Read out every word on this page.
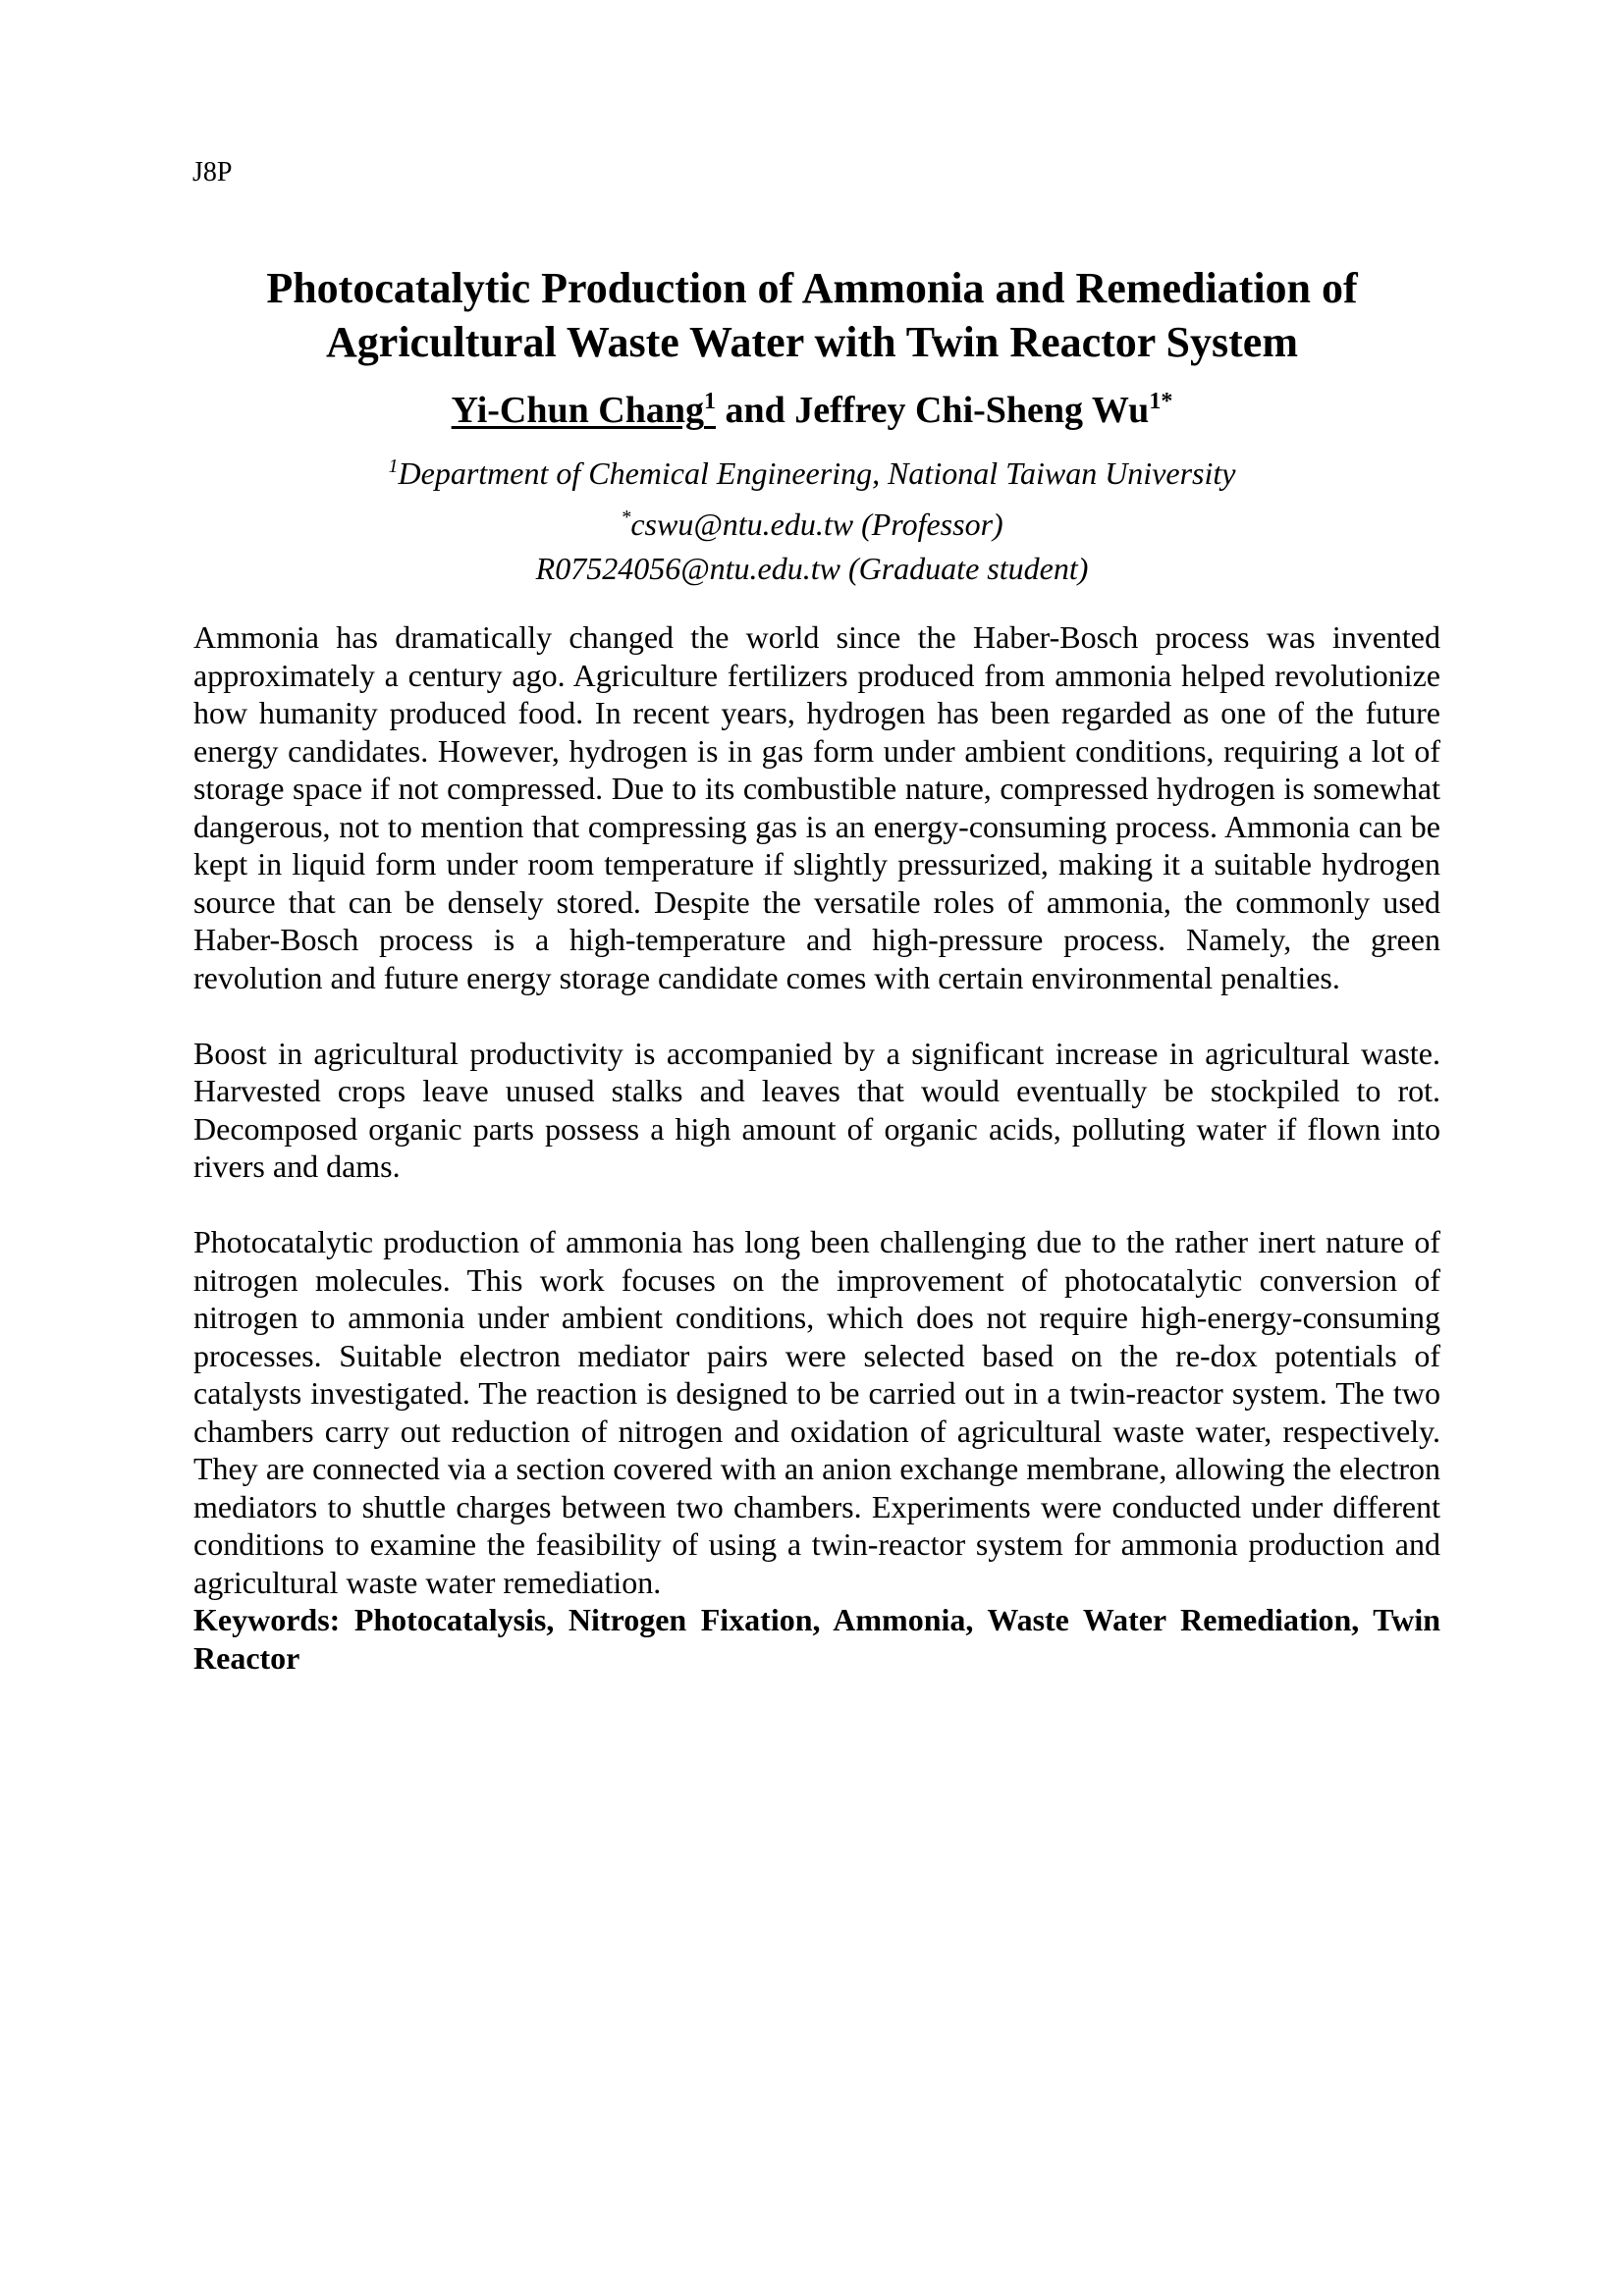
J8P
Photocatalytic Production of Ammonia and Remediation of
Agricultural Waste Water with Twin Reactor System
Yi-Chun Chang$^1$ and Jeffrey Chi-Sheng $Wu^{1*}$
$^1$Department of Chemical Engineering, National Taiwan University
*cswu@ntu.edu.tw (Professor)
R07524056@ntu.edu.tw (Graduate student)

Ammonia has dramatically changed the world since the Haber-Bosch process was invented approximately a century ago. Agriculture fertilizers produced from ammonia helped revolutionize how humanity produced food. In recent years, hydrogen has been regarded as one of the future energy candidates. However, hydrogen is in gas form under ambient conditions, requiring a lot of storage space if not compressed. Due to its combustible nature, compressed hydrogen is somewhat dangerous, not to mention that compressing gas is an energy-consuming process. Ammonia can be kept in liquid form under room temperature if slightly pressurized, making it a suitable hydrogen source that can be densely stored. Despite the versatile roles of ammonia, the commonly used Haber-Bosch process is a high-temperature and high-pressure process. Namely, the green revolution and future energy storage candidate comes with certain environmental penalties.

Boost in agricultural productivity is accompanied by a significant increase in agricultural waste. Harvested crops leave unused stalks and leaves that would eventually be stockpiled to rot. Decomposed organic parts possess a high amount of organic acids, polluting water if flown into rivers and dams.

Photocatalytic production of ammonia has long been challenging due to the rather inert nature of nitrogen molecules. This work focuses on the improvement of photocatalytic conversion of nitrogen to ammonia under ambient conditions, which does not require high-energy-consuming processes. Suitable electron mediator pairs were selected based on the re-dox potentials of catalysts investigated. The reaction is designed to be carried out in a twin-reactor system. The two chambers carry out reduction of nitrogen and oxidation of agricultural waste water, respectively. They are connected via a section covered with an anion exchange membrane, allowing the electron mediators to shuttle charges between two chambers. Experiments were conducted under different conditions to examine the feasibility of using a twin-reactor system for ammonia production and agricultural waste water remediation.

Keywords: Photocatalysis, Nitrogen Fixation, Ammonia, Waste Water Remediation, Twin Reactor
